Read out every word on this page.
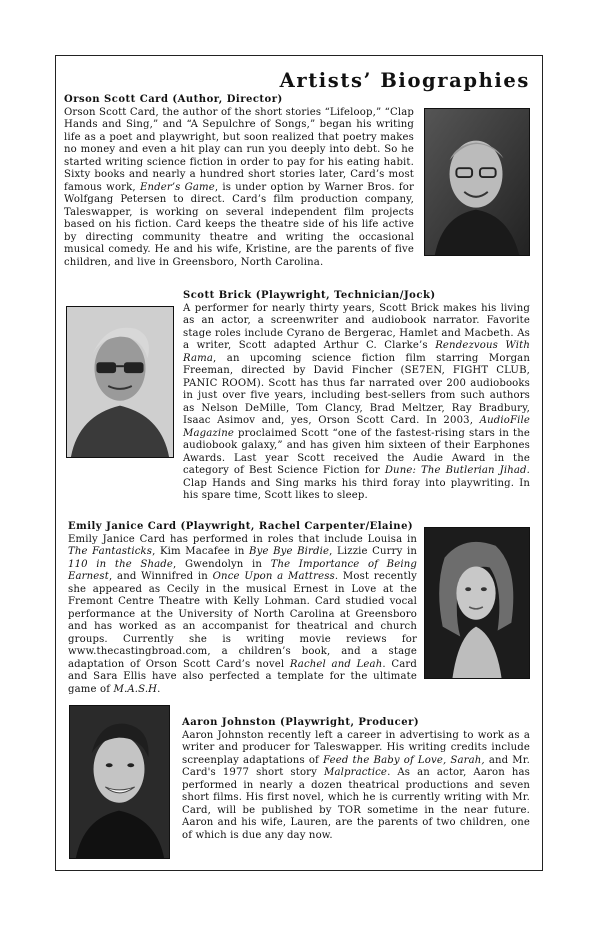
Artists’ Biographies
Orson Scott Card (Author, Director)

Orson Scott Card, the author of the short stories “Lifeloop,” “Clap Hands and Sing,” and “A Sepulchre of Songs,” began his writing life as a poet and playwright, but soon realized that poetry makes no money and even a hit play can run you deeply into debt. So he started writing science fiction in order to pay for his eating habit. Sixty books and nearly a hundred short stories later, Card’s most famous work, Ender’s Game, is under option by Warner Bros. for Wolfgang Petersen to direct. Card’s film production company, Taleswapper, is working on several independent film projects based on his fiction. Card keeps the theatre side of his life active by directing community theatre and writing the occasional musical comedy. He and his wife, Kristine, are the parents of five children, and live in Greensboro, North Carolina.

Scott Brick (Playwright, Technician/Jock)

A performer for nearly thirty years, Scott Brick makes his living as an actor, a screenwriter and audiobook narrator. Favorite stage roles include Cyrano de Bergerac, Hamlet and Macbeth. As a writer, Scott adapted Arthur C. Clarke’s Rendezvous With Rama, an upcoming science fiction film starring Morgan Freeman, directed by David Fincher (SE7EN, FIGHT CLUB, PANIC ROOM). Scott has thus far narrated over 200 audiobooks in just over five years, including best-sellers from such authors as Nelson DeMille, Tom Clancy, Brad Meltzer, Ray Bradbury, Isaac Asimov and, yes, Orson Scott Card. In 2003, AudioFile Magazine proclaimed Scott “one of the fastest-rising stars in the audiobook galaxy,” and has given him sixteen of their Earphones Awards. Last year Scott received the Audie Award in the category of Best Science Fiction for Dune: The Butlerian Jihad. Clap Hands and Sing marks his third foray into playwriting. In his spare time, Scott likes to sleep.

Emily Janice Card (Playwright, Rachel Carpenter/Elaine)

Emily Janice Card has performed in roles that include Louisa in The Fantasticks, Kim Macafee in Bye Bye Birdie, Lizzie Curry in 110 in the Shade, Gwendolyn in The Importance of Being Earnest, and Winnifred in Once Upon a Mattress. Most recently she appeared as Cecily in the musical Ernest in Love at the Fremont Centre Theatre with Kelly Lohman. Card studied vocal performance at the University of North Carolina at Greensboro and has worked as an accompanist for theatrical and church groups. Currently she is writing movie reviews for www.thecastingbroad.com, a children’s book, and a stage adaptation of Orson Scott Card’s novel Rachel and Leah. Card and Sara Ellis have also perfected a template for the ultimate game of M.A.S.H.

Aaron Johnston (Playwright, Producer)

Aaron Johnston recently left a career in advertising to work as a writer and producer for Taleswapper. His writing credits include screenplay adaptations of Feed the Baby of Love, Sarah, and Mr. Card's 1977 short story Malpractice. As an actor, Aaron has performed in nearly a dozen theatrical productions and seven short films. His first novel, which he is currently writing with Mr. Card, will be published by TOR sometime in the near future. Aaron and his wife, Lauren, are the parents of two children, one of which is due any day now.
